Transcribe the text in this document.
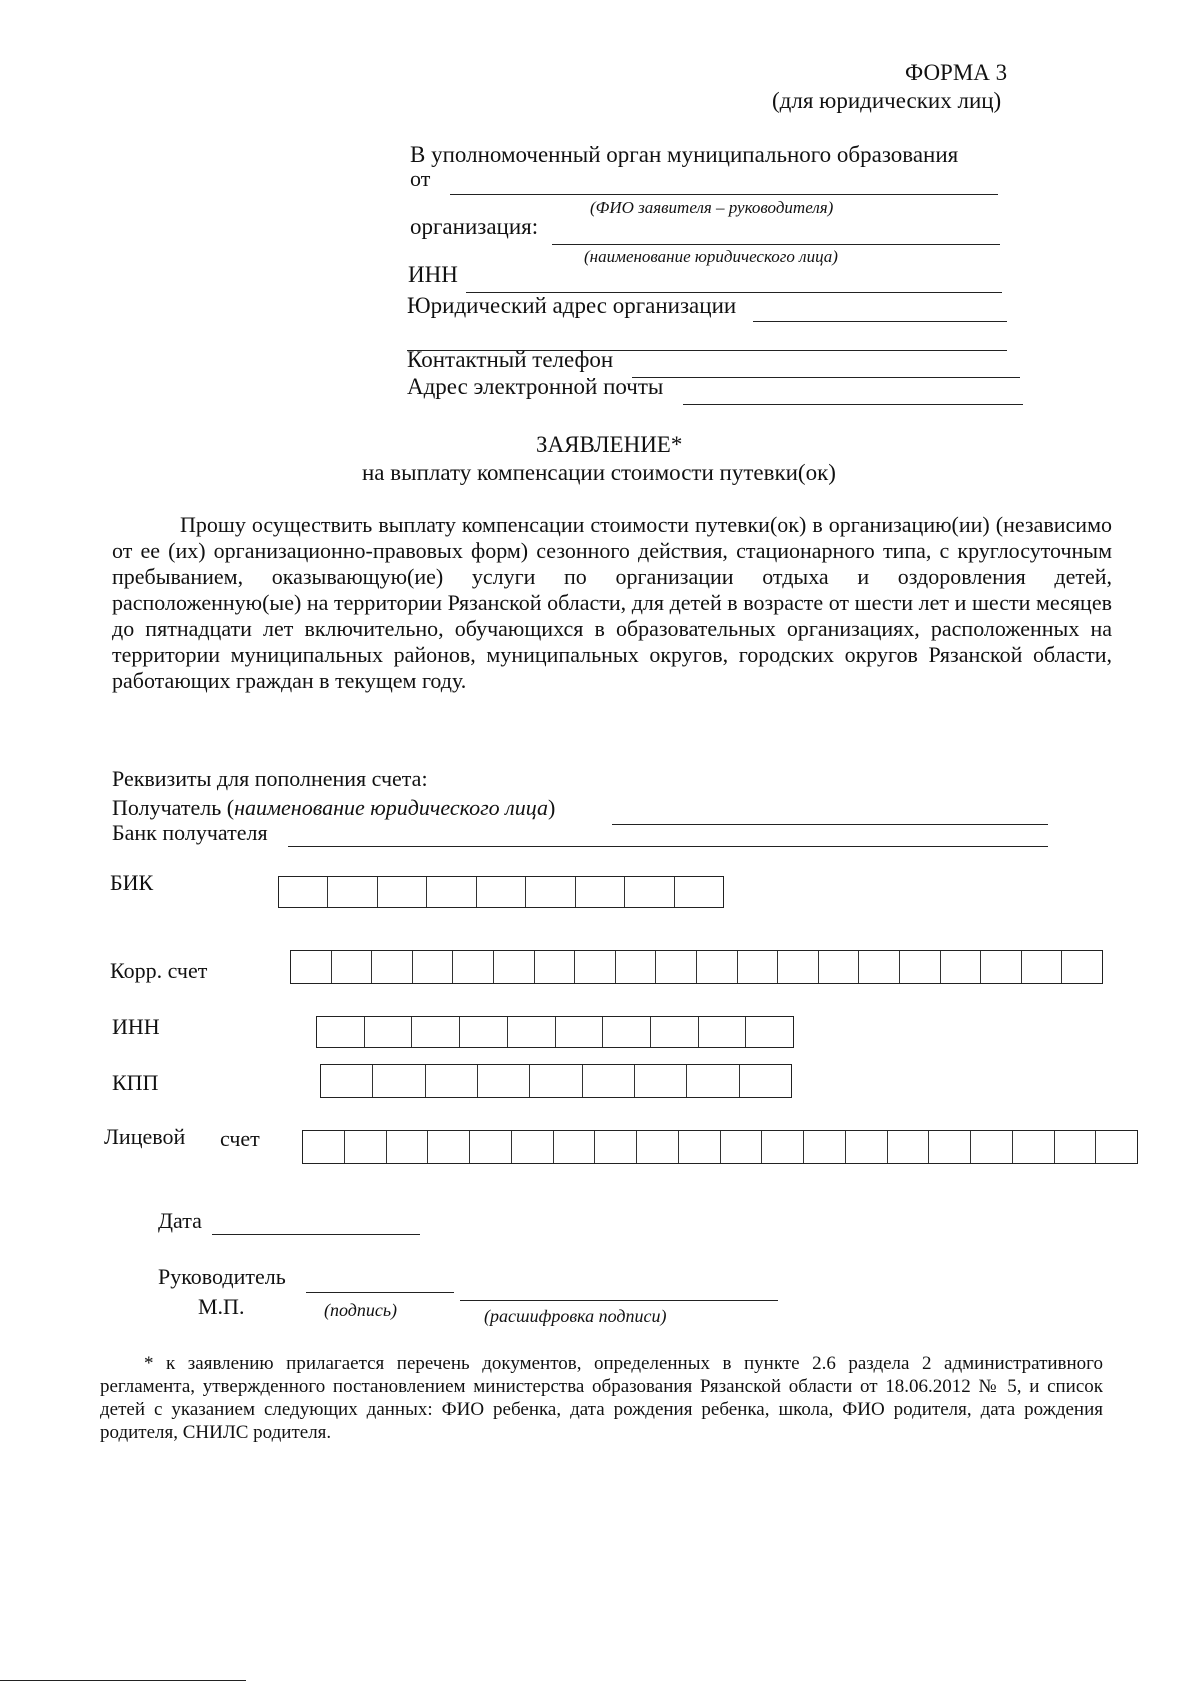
ФОРМА 3
(для юридических лиц)
В уполномоченный орган муниципального образования
от
(ФИО заявителя – руководителя)
организация:
(наименование юридического лица)
ИНН
Юридический адрес организации
Контактный телефон
Адрес электронной почты
ЗАЯВЛЕНИЕ*
на выплату компенсации стоимости путевки(ок)
Прошу осуществить выплату компенсации стоимости путевки(ок) в организацию(ии) (независимо от ее (их) организационно-правовых форм) сезонного действия, стационарного типа, с круглосуточным пребыванием, оказывающую(ие) услуги по организации отдыха и оздоровления детей, расположенную(ые) на территории Рязанской области, для детей в возрасте от шести лет и шести месяцев до пятнадцати лет включительно, обучающихся в образовательных организациях, расположенных на территории муниципальных районов, муниципальных округов, городских округов Рязанской области, работающих граждан в текущем году.
Реквизиты для пополнения счета:
Получатель (наименование юридического лица)
Банк получателя
БИК
Корр. счет
ИНН
КПП
Лицевой счет
Дата
Руководитель
М.П.	(подпись)	(расшифровка подписи)
* к заявлению прилагается перечень документов, определенных в пункте 2.6 раздела 2 административного регламента, утвержденного постановлением министерства образования Рязанской области от 18.06.2012 № 5, и список детей с указанием следующих данных: ФИО ребенка, дата рождения ребенка, школа, ФИО родителя, дата рождения родителя, СНИЛС родителя.
